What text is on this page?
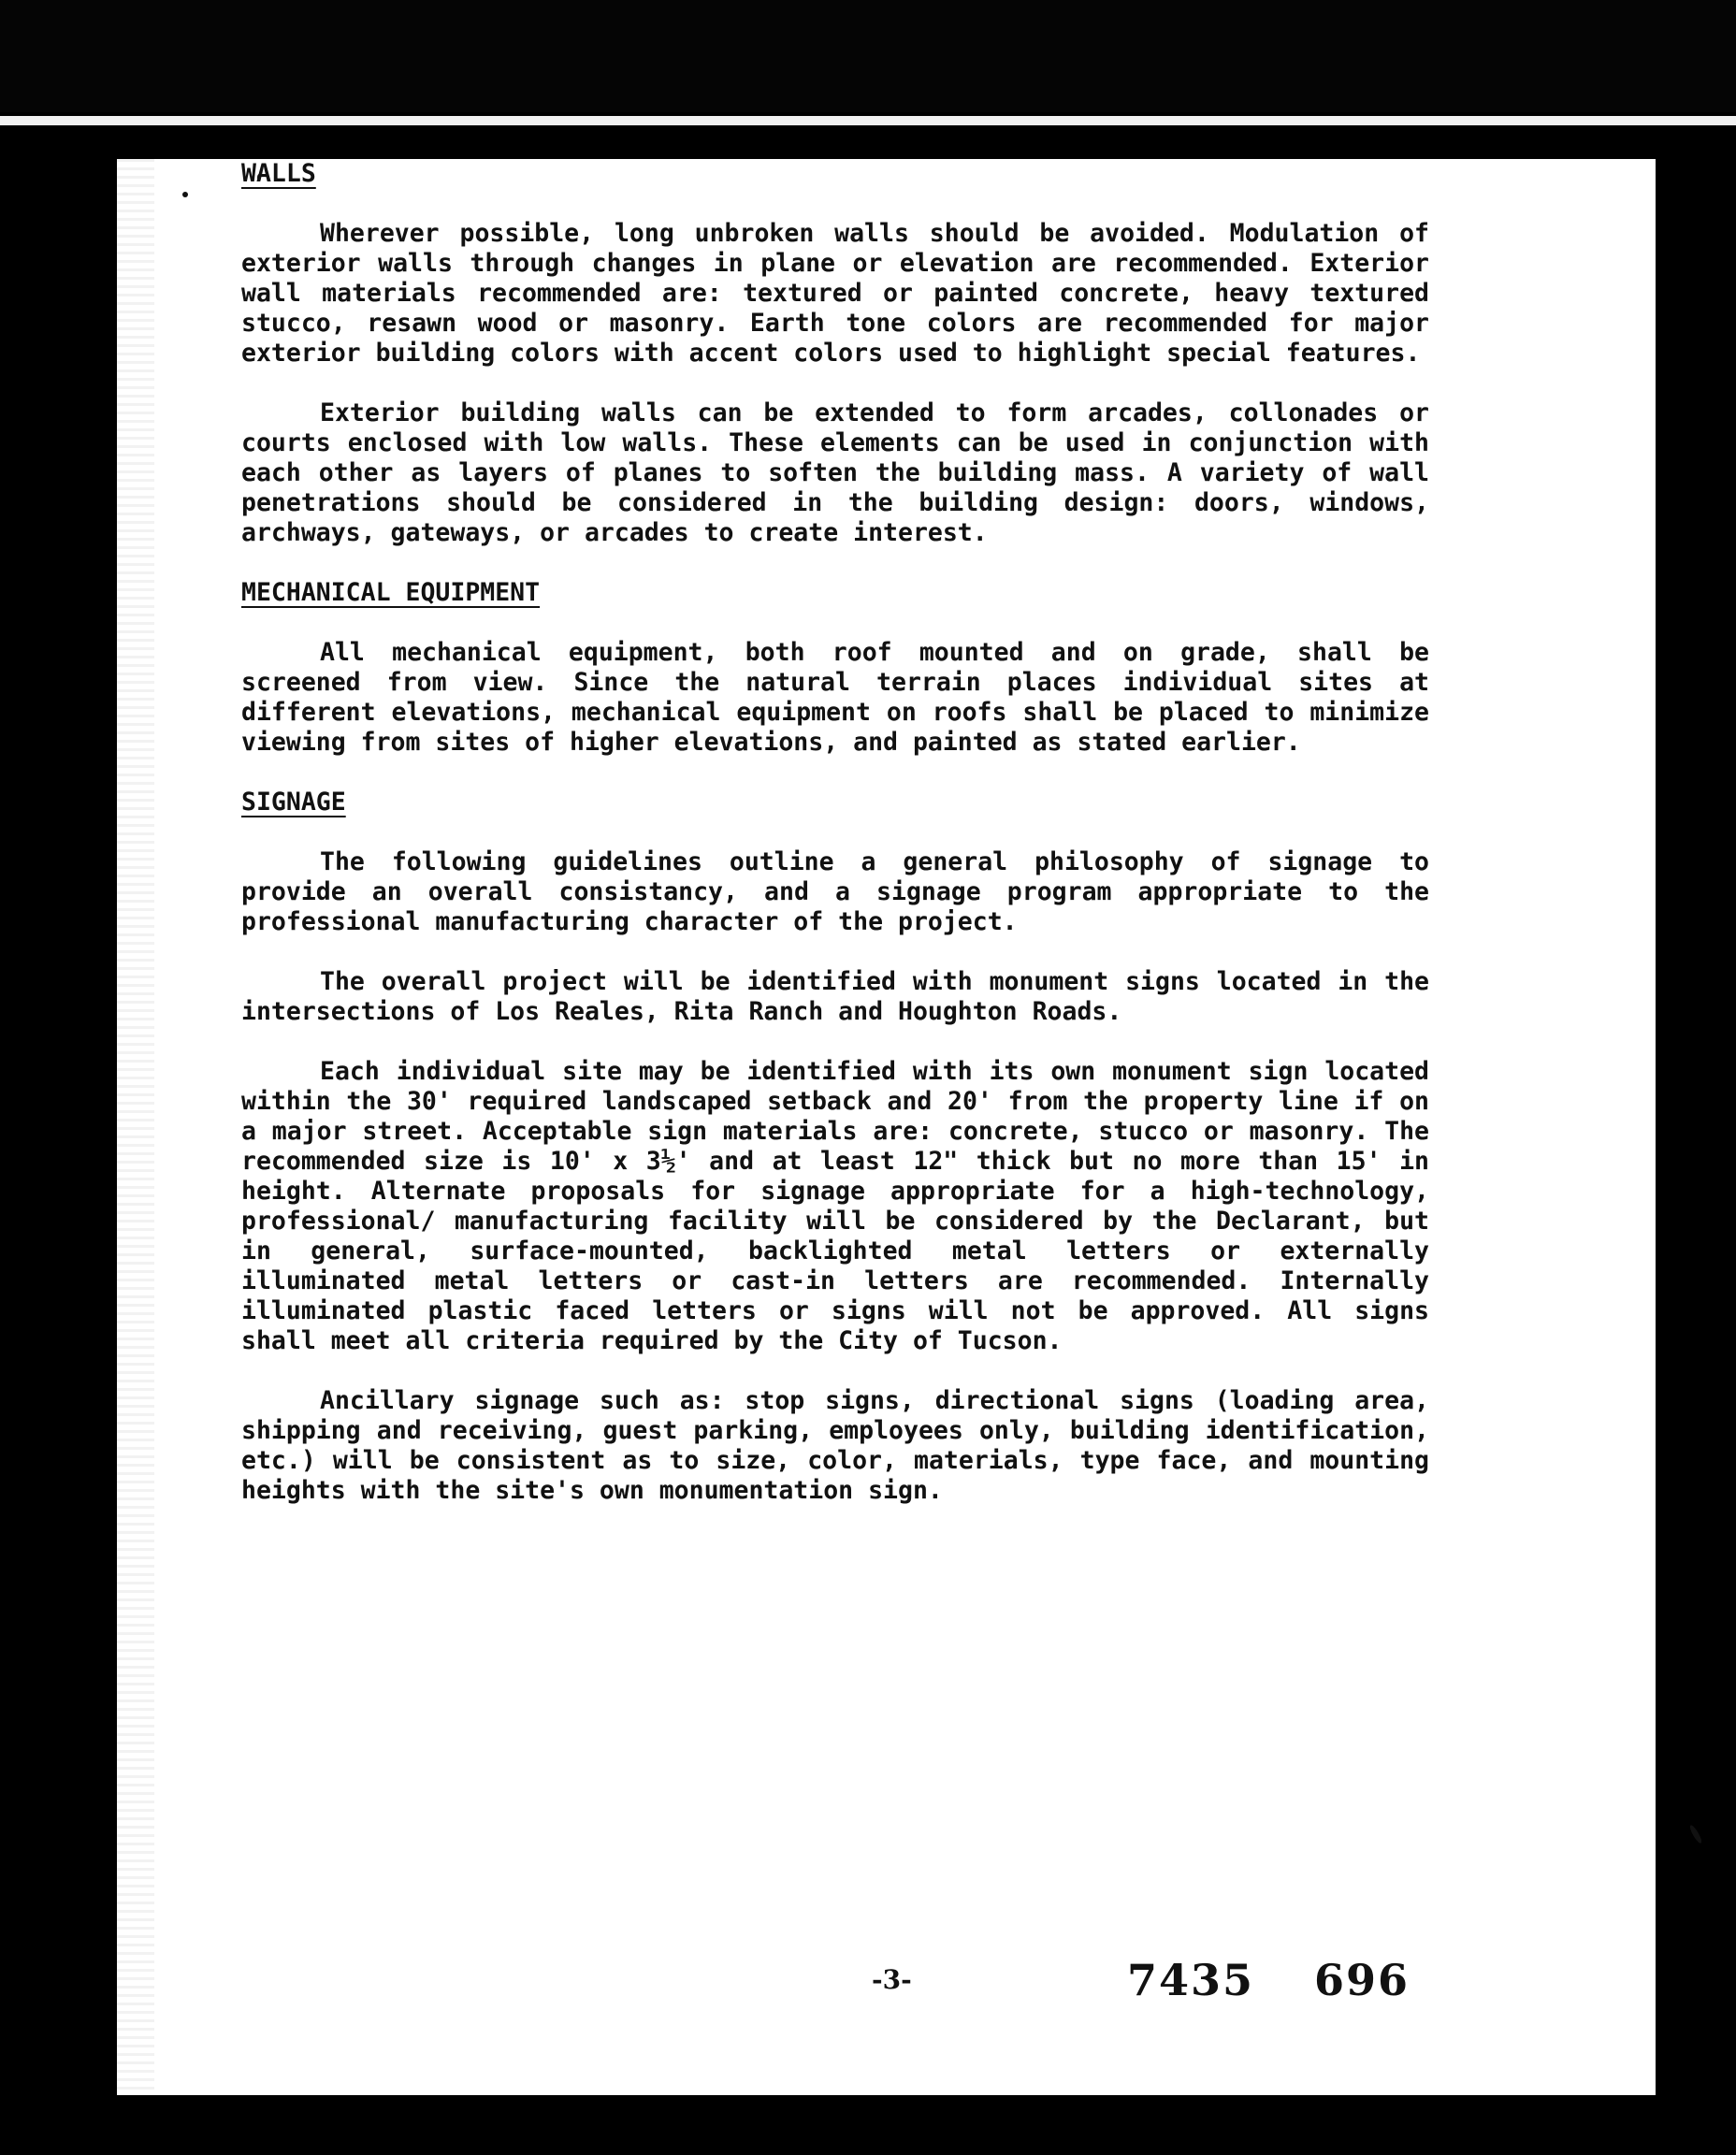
WALLS

Wherever possible, long unbroken walls should be avoided. Modulation of exterior walls through changes in plane or elevation are recommended. Exterior wall materials recommended are: textured or painted concrete, heavy textured stucco, resawn wood or masonry. Earth tone colors are recommended for major exterior building colors with accent colors used to highlight special features.

Exterior building walls can be extended to form arcades, collonades or courts enclosed with low walls. These elements can be used in conjunction with each other as layers of planes to soften the building mass. A variety of wall penetrations should be considered in the building design: doors, windows, archways, gateways, or arcades to create interest.

MECHANICAL EQUIPMENT

All mechanical equipment, both roof mounted and on grade, shall be screened from view. Since the natural terrain places individual sites at different elevations, mechanical equipment on roofs shall be placed to minimize viewing from sites of higher elevations, and painted as stated earlier.

SIGNAGE

The following guidelines outline a general philosophy of signage to provide an overall consistancy, and a signage program appropriate to the professional manufacturing character of the project.

The overall project will be identified with monument signs located in the intersections of Los Reales, Rita Ranch and Houghton Roads.

Each individual site may be identified with its own monument sign located within the 30' required landscaped setback and 20' from the property line if on a major street. Acceptable sign materials are: concrete, stucco or masonry. The recommended size is 10' x 3½' and at least 12" thick but no more than 15' in height. Alternate proposals for signage appropriate for a high-technology, professional/ manufacturing facility will be considered by the Declarant, but in general, surface-mounted, backlighted metal letters or externally illuminated metal letters or cast-in letters are recommended. Internally illuminated plastic faced letters or signs will not be approved. All signs shall meet all criteria required by the City of Tucson.

Ancillary signage such as: stop signs, directional signs (loading area, shipping and receiving, guest parking, employees only, building identification, etc.) will be consistent as to size, color, materials, type face, and mounting heights with the site's own monumentation sign.

-3-	7435 696
